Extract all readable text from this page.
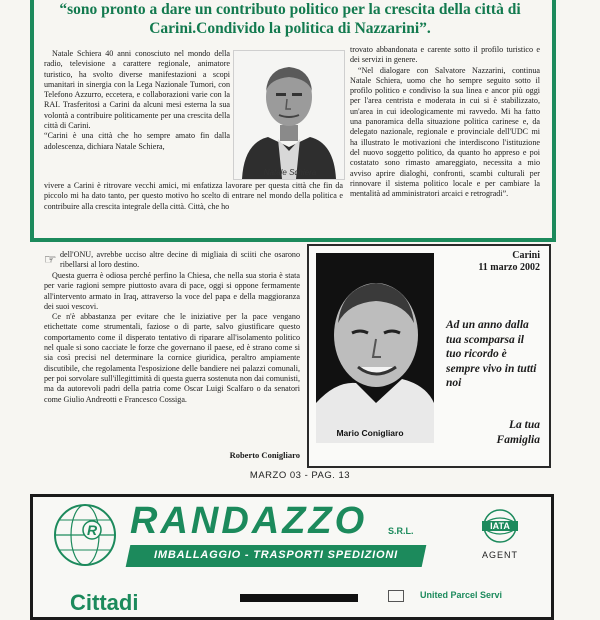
“sono pronto a dare un contributo politico per la crescita della città di Carini.Condivido la politica di Nazzarini”.

Natale Schiera 40 anni conosciuto nel mondo della radio, televisione a carattere regionale, animatore turistico, ha svolto diverse manifestazioni a scopi umanitari in sinergia con la Lega Nazionale Tumori, con Telefono Azzurro, eccetera, e collaborazioni varie con la RAI. Trasferitosi a Carini da alcuni mesi esterna la sua volontà a contribuire politicamente per una crescita della città di Carini.

“Carini è una città che ho sempre amato fin dalla adolescenza, dichiara Natale Schiera,

Natale Schiera

trovato abbandonata e carente sotto il profilo turistico e dei servizi in genere.

“Nel dialogare con Salvatore Nazzarini, continua Natale Schiera, uomo che ho sempre seguito sotto il profilo politico e condiviso la sua linea e ancor più oggi per l'area centrista e moderata in cui si è stabilizzato, un'area in cui ideologicamente mi ravvedo. Mi ha fatto una panoramica della situazione politica carinese e, da delegato nazionale, regionale e provinciale dell'UDC mi ha illustrato le motivazioni che interdiscono l'istituzione del nuovo soggetto politico, da quanto ho appreso e poi costatato sono rimasto amareggiato, necessita a mio avviso aprire dialoghi, confronti, scambi culturali per rinnovare il sistema politico locale e per cambiare la mentalità ad amministratori arcaici e retrogradi”.

vivere a Carini è ritrovare vecchi amici, mi enfatizza lavorare per questa città che fin da piccolo mi ha dato tanto, per questo motivo ho scelto di entrare nel mondo della politica e contribuire alla crescita integrale della città. Città, che ho

☞ dell'ONU, avrebbe ucciso altre decine di migliaia di sciiti che osarono ribellarsi al loro destino.

Questa guerra è odiosa perché perfino la Chiesa, che nella sua storia è stata per varie ragioni sempre piuttosto avara di pace, oggi si oppone fermamente all'intervento armato in Iraq, attraverso la voce del papa e della maggioranza dei suoi vescovi.

Ce n'è abbastanza per evitare che le iniziative per la pace vengano etichettate come strumentali, faziose o di parte, salvo giustificare questo comportamento come il disperato tentativo di riparare all'isolamento politico nel quale si sono cacciate le forze che governano il paese, ed è strano come si sia così precisi nel determinare la cornice giuridica, peraltro ampiamente discutibile, che regolamenta l'esposizione delle bandiere nei palazzi comunali, per poi sorvolare sull'illegittimità di questa guerra sostenuta non dai comunisti, ma da autorevoli padri della patria come Oscar Luigi Scalfaro o da senatori come Giulio Andreotti e Francesco Cossiga.

Roberto Conigliaro
Mario Conigliaro
Carini
11 marzo 2002
Ad un anno dalla tua scomparsa il tuo ricordo è sempre vivo in tutti noi
La tua
Famiglia
MARZO 03 - PAG. 13
R RANDAZZO S.R.L.
IMBALLAGGIO - TRASPORTI SPEDIZIONI
IATA
AGENT
Cittadi	United Parcel Servi
